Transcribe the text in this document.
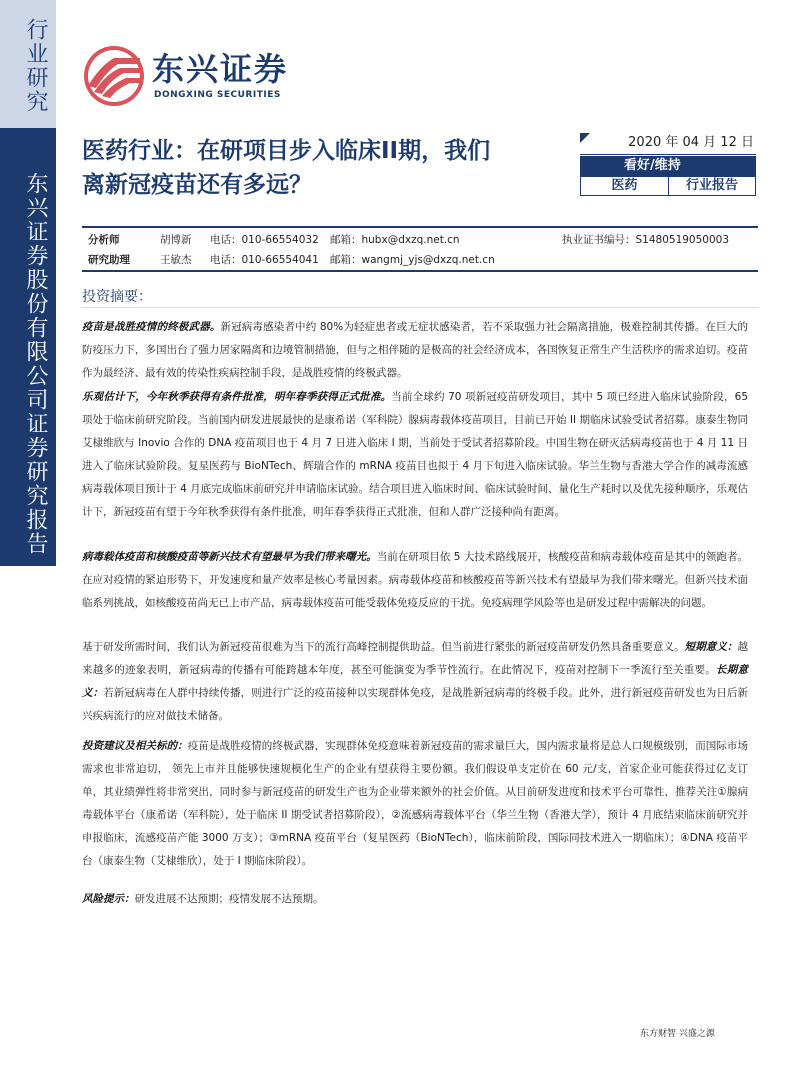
行业研究
东兴证券股份有限公司证券研究报告
东兴证券
DONGXING SECURITIES
医药行业：在研项目步入临床II期，我们
离新冠疫苗还有多远？
2020 年 04 月 12 日
看好/维持
医药	行业报告
分析师	胡博新 电话：010-66554032 邮箱：hubx@dxzq.net.cn	执业证书编号：S1480519050003
研究助理	王敏杰 电话：010-66554041 邮箱：wangmj_yjs@dxzq.net.cn
投资摘要：
疫苗是战胜疫情的终极武器。新冠病毒感染者中约 80%为轻症患者或无症状感染者，若不采取强力社会隔离措施，极难控制其传播。在巨大的防疫压力下，多国出台了强力居家隔离和边境管制措施，但与之相伴随的是极高的社会经济成本，各国恢复正常生产生活秩序的需求迫切。疫苗作为最经济、最有效的传染性疾病控制手段，是战胜疫情的终极武器。
乐观估计下，今年秋季获得有条件批准，明年春季获得正式批准。当前全球约 70 项新冠疫苗研发项目，其中 5 项已经进入临床试验阶段，65 项处于临床前研究阶段。当前国内研发进展最快的是康希诺（军科院）腺病毒载体疫苗项目，目前已开始 II 期临床试验受试者招募。康泰生物同艾棣维欣与 Inovio 合作的 DNA 疫苗项目也于 4 月 7 日进入临床 I 期，当前处于受试者招募阶段。中国生物在研灭活病毒疫苗也于 4 月 11 日进入了临床试验阶段。复星医药与 BioNTech、辉瑞合作的 mRNA 疫苗目也拟于 4 月下旬进入临床试验。华兰生物与香港大学合作的减毒流感病毒载体项目预计于 4 月底完成临床前研究并申请临床试验。结合项目进入临床时间、临床试验时间、量化生产耗时以及优先接种顺序，乐观估计下，新冠疫苗有望于今年秋季获得有条件批准，明年春季获得正式批准，但和人群广泛接种尚有距离。
病毒载体疫苗和核酸疫苗等新兴技术有望最早为我们带来曙光。当前在研项目依 5 大技术路线展开，核酸疫苗和病毒载体疫苗是其中的领跑者。在应对疫情的紧迫形势下，开发速度和量产效率是核心考量因素。病毒载体疫苗和核酸疫苗等新兴技术有望最早为我们带来曙光。但新兴技术面临系列挑战，如核酸疫苗尚无已上市产品，病毒载体疫苗可能受载体免疫反应的干扰。免疫病理学风险等也是研发过程中需解决的问题。
基于研发所需时间，我们认为新冠疫苗很难为当下的流行高峰控制提供助益。但当前进行紧张的新冠疫苗研发仍然具备重要意义。短期意义：越来越多的迹象表明，新冠病毒的传播有可能跨越本年度，甚至可能演变为季节性流行。在此情况下，疫苗对控制下一季流行至关重要。长期意义：若新冠病毒在人群中持续传播，则进行广泛的疫苗接种以实现群体免疫，是战胜新冠病毒的终极手段。此外，进行新冠疫苗研发也为日后新兴疾病流行的应对做技术储备。
投资建议及相关标的：疫苗是战胜疫情的终极武器，实现群体免疫意味着新冠疫苗的需求量巨大，国内需求量将是总人口规模级别，而国际市场需求也非常迫切， 领先上市并且能够快速规模化生产的企业有望获得主要份额。我们假设单支定价在 60 元/支，首家企业可能获得过亿支订单，其业绩弹性将非常突出，同时参与新冠疫苗的研发生产也为企业带来额外的社会价值。从目前研发进度和技术平台可靠性，推荐关注①腺病毒载体平台（康希诺（军科院），处于临床 II 期受试者招募阶段），②流感病毒载体平台（华兰生物（香港大学），预计 4 月底结束临床前研究并申报临床，流感疫苗产能 3000 万支）；③mRNA 疫苗平台（复星医药（BioNTech），临床前阶段，国际同技术进入一期临床）；④DNA 疫苗平台（康泰生物（艾棣维欣），处于 I 期临床阶段）。
风险提示：研发进展不达预期；疫情发展不达预期。
东方财智 兴盛之源
